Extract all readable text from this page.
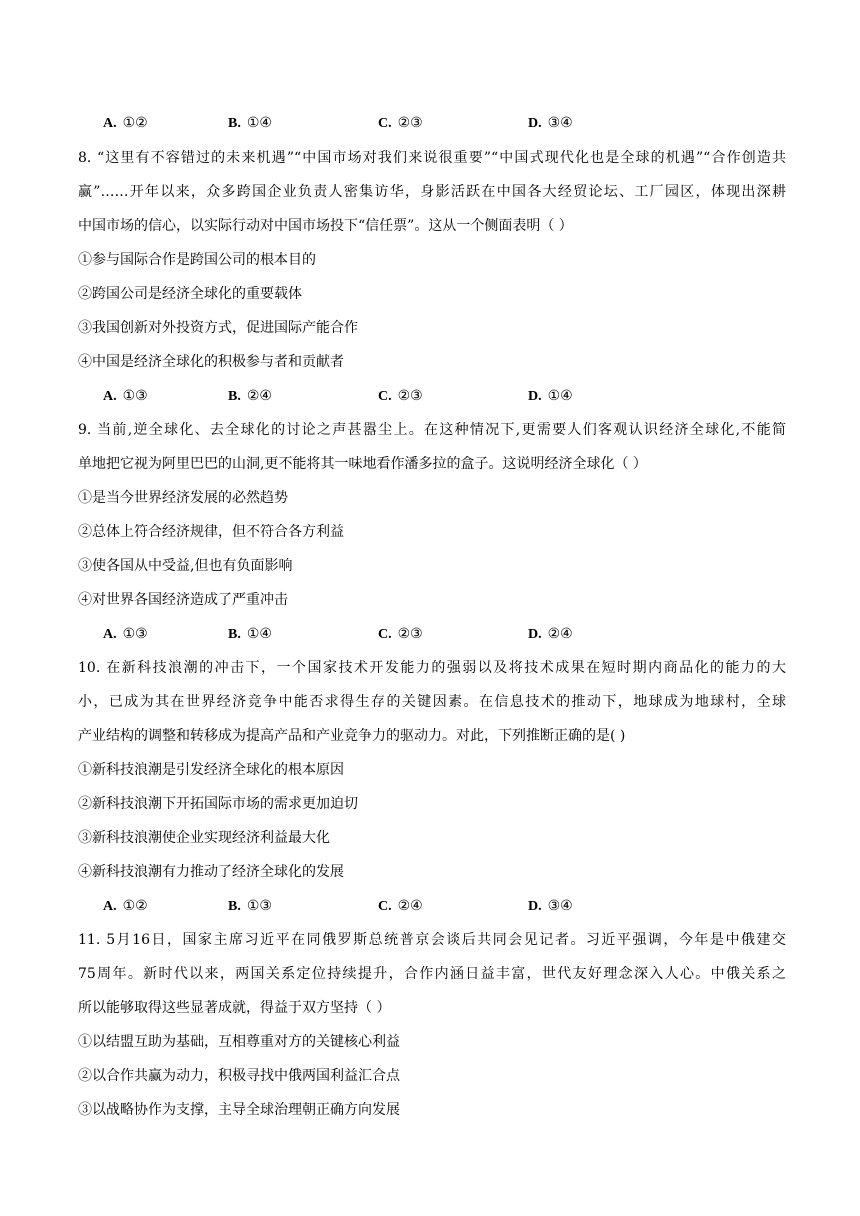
A. ①②	B. ①④	C. ②③	D. ③④
8. “这里有不容错过的未来机遇”“中国市场对我们来说很重要”“中国式现代化也是全球的机遇”“合作创造共
赢”……开年以来，众多跨国企业负责人密集访华，身影活跃在中国各大经贸论坛、工厂园区，体现出深耕
中国市场的信心，以实际行动对中国市场投下“信任票”。这从一个侧面表明（ ）
①参与国际合作是跨国公司的根本目的
②跨国公司是经济全球化的重要载体
③我国创新对外投资方式，促进国际产能合作
④中国是经济全球化的积极参与者和贡献者
A. ①③	B. ②④	C. ②③	D. ①④
9. 当前,逆全球化、去全球化的讨论之声甚嚣尘上。在这种情况下,更需要人们客观认识经济全球化,不能简
单地把它视为阿里巴巴的山洞,更不能将其一味地看作潘多拉的盒子。这说明经济全球化（ ）
①是当今世界经济发展的必然趋势
②总体上符合经济规律，但不符合各方利益
③使各国从中受益,但也有负面影响
④对世界各国经济造成了严重冲击
A. ①③	B. ①④	C. ②③	D. ②④
10. 在新科技浪潮的冲击下，一个国家技术开发能力的强弱以及将技术成果在短时期内商品化的能力的大
小，已成为其在世界经济竞争中能否求得生存的关键因素。在信息技术的推动下，地球成为地球村，全球
产业结构的调整和转移成为提高产品和产业竞争力的驱动力。对此，下列推断正确的是( )
①新科技浪潮是引发经济全球化的根本原因
②新科技浪潮下开拓国际市场的需求更加迫切
③新科技浪潮使企业实现经济利益最大化
④新科技浪潮有力推动了经济全球化的发展
A. ①②	B. ①③	C. ②④	D. ③④
11. 5月16日，国家主席习近平在同俄罗斯总统普京会谈后共同会见记者。习近平强调，今年是中俄建交
75周年。新时代以来，两国关系定位持续提升，合作内涵日益丰富，世代友好理念深入人心。中俄关系之
所以能够取得这些显著成就，得益于双方坚持（ ）
①以结盟互助为基础，互相尊重对方的关键核心利益
②以合作共赢为动力，积极寻找中俄两国利益汇合点
③以战略协作为支撑，主导全球治理朝正确方向发展
